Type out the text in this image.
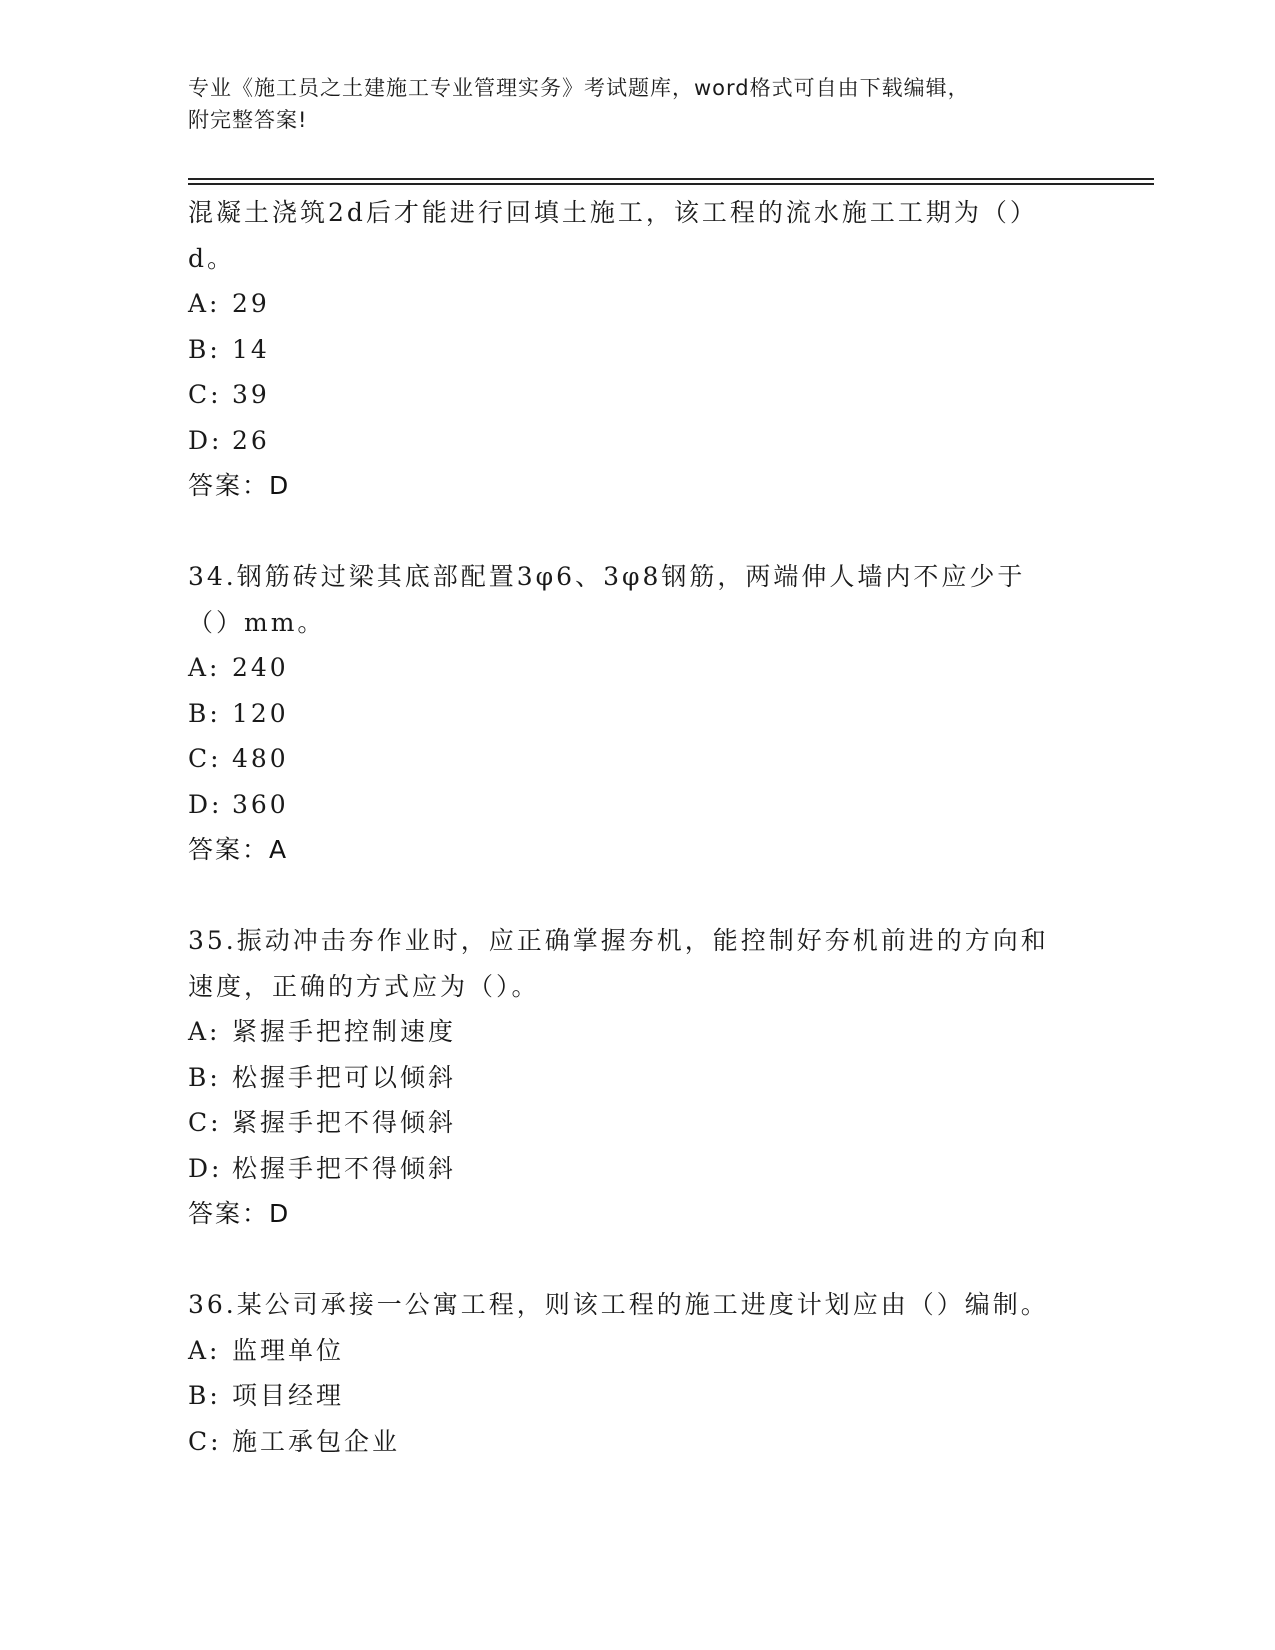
专业《施工员之土建施工专业管理实务》考试题库，word格式可自由下载编辑，
附完整答案!
混凝土浇筑2d后才能进行回填土施工，该工程的流水施工工期为（）
d。
A: 29
B: 14
C: 39
D: 26
答案：D
34.钢筋砖过梁其底部配置3φ6、3φ8钢筋，两端伸人墙内不应少于
（）mm。
A: 240
B: 120
C: 480
D: 360
答案：A
35.振动冲击夯作业时，应正确掌握夯机，能控制好夯机前进的方向和
速度，正确的方式应为（）。
A: 紧握手把控制速度
B: 松握手把可以倾斜
C: 紧握手把不得倾斜
D: 松握手把不得倾斜
答案：D
36.某公司承接一公寓工程，则该工程的施工进度计划应由（）编制。
A: 监理单位
B: 项目经理
C: 施工承包企业
